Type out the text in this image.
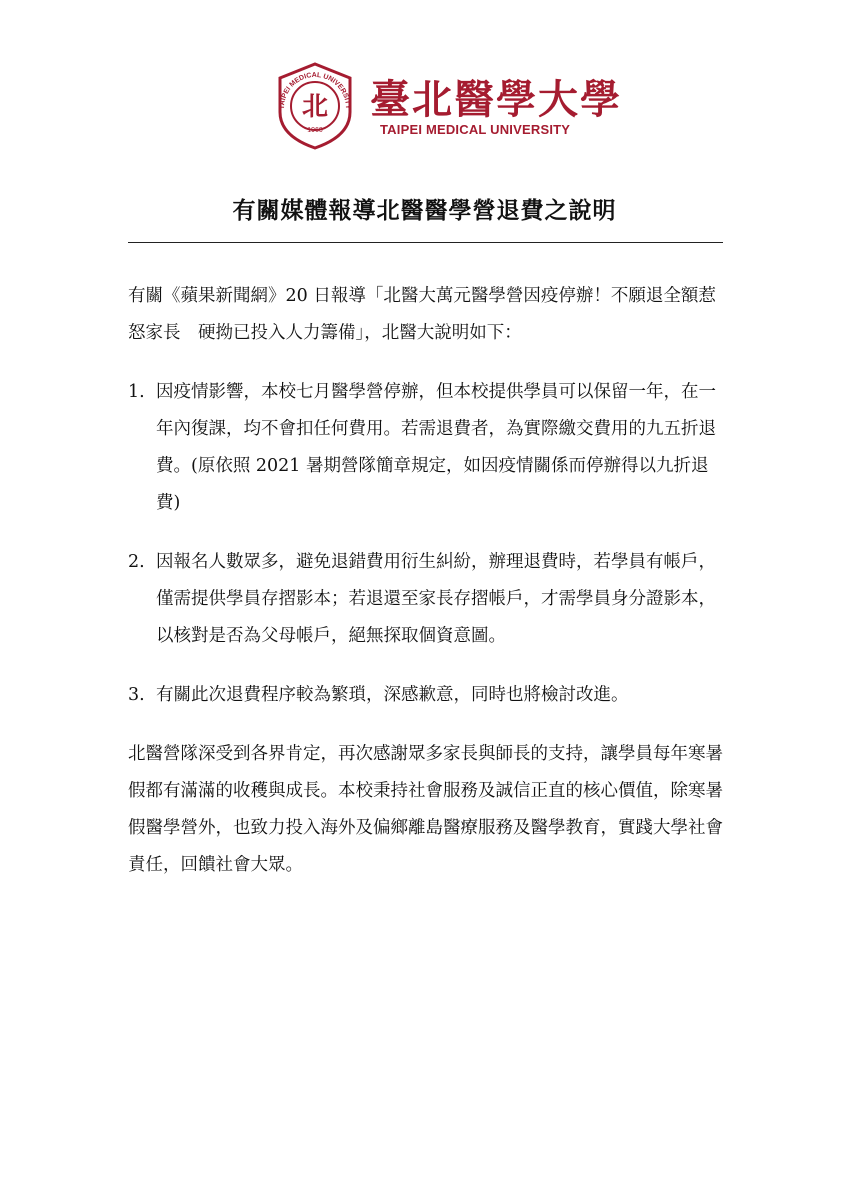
TAIPEI MEDICAL UNIVERSITY
北
1960
臺北醫學大學
TAIPEI MEDICAL UNIVERSITY
有關媒體報導北醫醫學營退費之說明

有關《蘋果新聞網》20 日報導「北醫大萬元醫學營因疫停辦！不願退全額惹怒家長　硬拗已投入人力籌備」，北醫大說明如下：

1. 因疫情影響，本校七月醫學營停辦，但本校提供學員可以保留一年，在一年內復課，均不會扣任何費用。若需退費者，為實際繳交費用的九五折退費。(原依照 2021 暑期營隊簡章規定，如因疫情關係而停辦得以九折退費)
2. 因報名人數眾多，避免退錯費用衍生糾紛，辦理退費時，若學員有帳戶，僅需提供學員存摺影本；若退還至家長存摺帳戶，才需學員身分證影本，以核對是否為父母帳戶，絕無探取個資意圖。
3. 有關此次退費程序較為繁瑣，深感歉意，同時也將檢討改進。

北醫營隊深受到各界肯定，再次感謝眾多家長與師長的支持，讓學員每年寒暑假都有滿滿的收穫與成長。本校秉持社會服務及誠信正直的核心價值，除寒暑假醫學營外，也致力投入海外及偏鄉離島醫療服務及醫學教育，實踐大學社會責任，回饋社會大眾。
